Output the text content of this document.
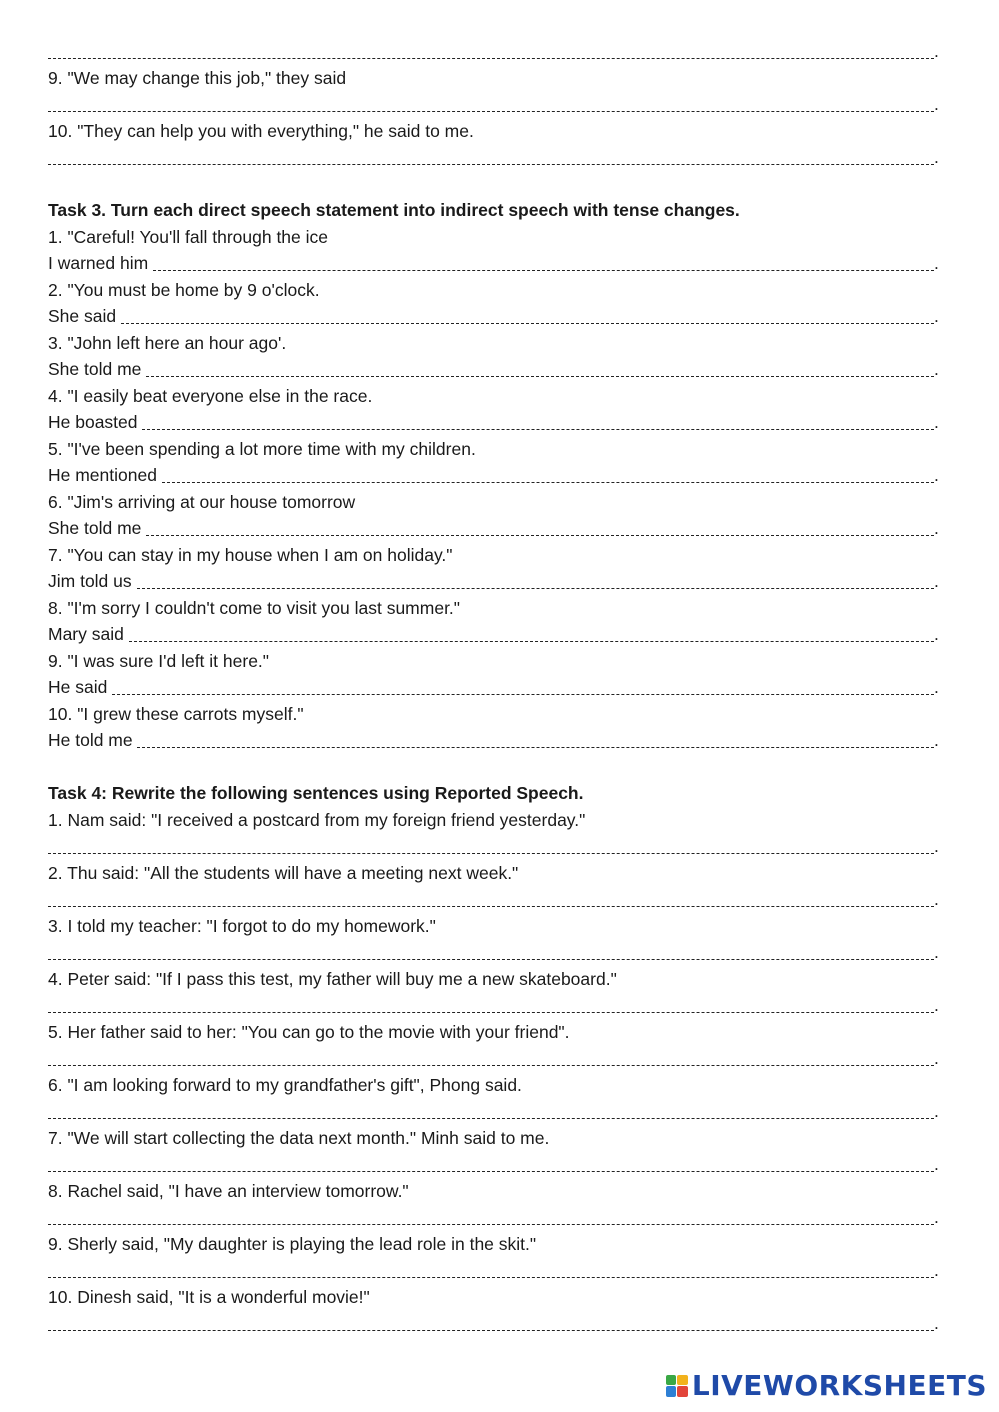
.
9. "We may change this job," they said
.
10. "They can help you with everything," he said to me.
.
Task 3. Turn each direct speech statement into indirect speech with tense changes.
1. "Careful! You'll fall through the ice
I warned him	.
2. "You must be home by 9 o'clock.
She said	.
3. "John left here an hour ago'.
She told me	.
4. "I easily beat everyone else in the race.
He boasted	.
5. "I've been spending a lot more time with my children.
He mentioned	.
6. "Jim's arriving at our house tomorrow
She told me	.
7. "You can stay in my house when I am on holiday."
Jim told us	.
8. "I'm sorry I couldn't come to visit you last summer."
Mary said	.
9. "I was sure I'd left it here."
He said	.
10. "I grew these carrots myself."
He told me	.
Task 4: Rewrite the following sentences using Reported Speech.
1. Nam said: "I received a postcard from my foreign friend yesterday."
.
2. Thu said: "All the students will have a meeting next week."
.
3. I told my teacher: "I forgot to do my homework."
.
4. Peter said: "If I pass this test, my father will buy me a new skateboard."
.
5. Her father said to her: "You can go to the movie with your friend".
.
6. "I am looking forward to my grandfather's gift", Phong said.
.
7. "We will start collecting the data next month." Minh said to me.
.
8. Rachel said, "I have an interview tomorrow."
.
9. Sherly said, "My daughter is playing the lead role in the skit."
.
10. Dinesh said, "It is a wonderful movie!"
.
LIVEWORKSHEETS
